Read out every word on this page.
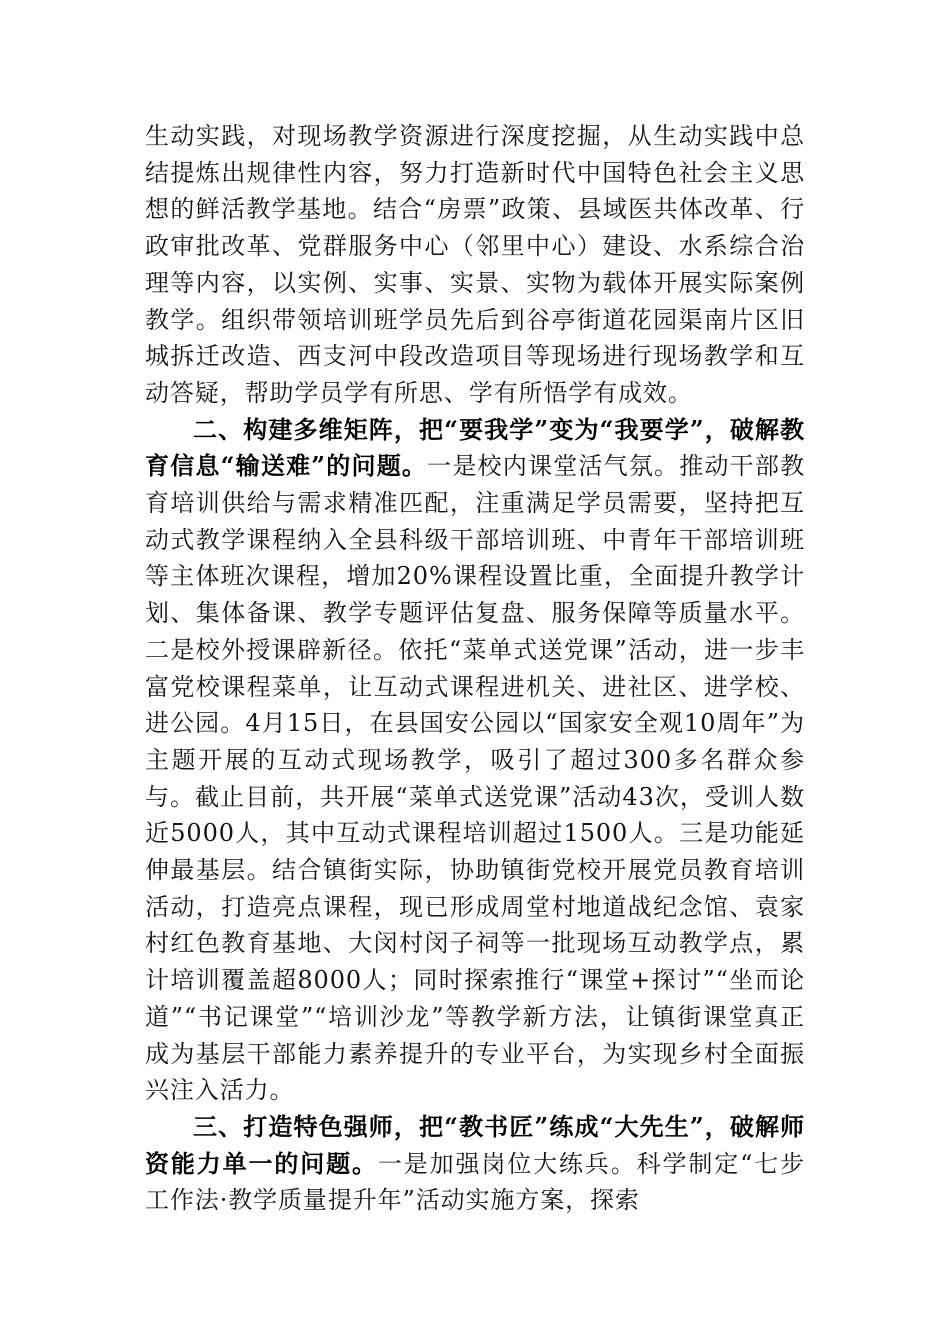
生动实践，对现场教学资源进行深度挖掘，从生动实践中总结提炼出规律性内容，努力打造新时代中国特色社会主义思想的鲜活教学基地。结合“房票”政策、县域医共体改革、行政审批改革、党群服务中心（邻里中心）建设、水系综合治理等内容，以实例、实事、实景、实物为载体开展实际案例教学。组织带领培训班学员先后到谷亭街道花园渠南片区旧城拆迁改造、西支河中段改造项目等现场进行现场教学和互动答疑，帮助学员学有所思、学有所悟学有成效。

二、构建多维矩阵，把“要我学”变为“我要学”，破解教育信息“输送难”的问题。一是校内课堂活气氛。推动干部教育培训供给与需求精准匹配，注重满足学员需要，坚持把互动式教学课程纳入全县科级干部培训班、中青年干部培训班等主体班次课程，增加20%课程设置比重，全面提升教学计划、集体备课、教学专题评估复盘、服务保障等质量水平。二是校外授课辟新径。依托“菜单式送党课”活动，进一步丰富党校课程菜单，让互动式课程进机关、进社区、进学校、进公园。4月15日，在县国安公园以“国家安全观10周年”为主题开展的互动式现场教学，吸引了超过300多名群众参与。截止目前，共开展“菜单式送党课”活动43次，受训人数近5000人，其中互动式课程培训超过1500人。三是功能延伸最基层。结合镇街实际，协助镇街党校开展党员教育培训活动，打造亮点课程，现已形成周堂村地道战纪念馆、袁家村红色教育基地、大闵村闵子祠等一批现场互动教学点，累计培训覆盖超8000人；同时探索推行“课堂+探讨”“坐而论道”“书记课堂”“培训沙龙”等教学新方法，让镇街课堂真正成为基层干部能力素养提升的专业平台，为实现乡村全面振兴注入活力。

三、打造特色强师，把“教书匠”练成“大先生”，破解师资能力单一的问题。一是加强岗位大练兵。科学制定“七步工作法·教学质量提升年”活动实施方案，探索
